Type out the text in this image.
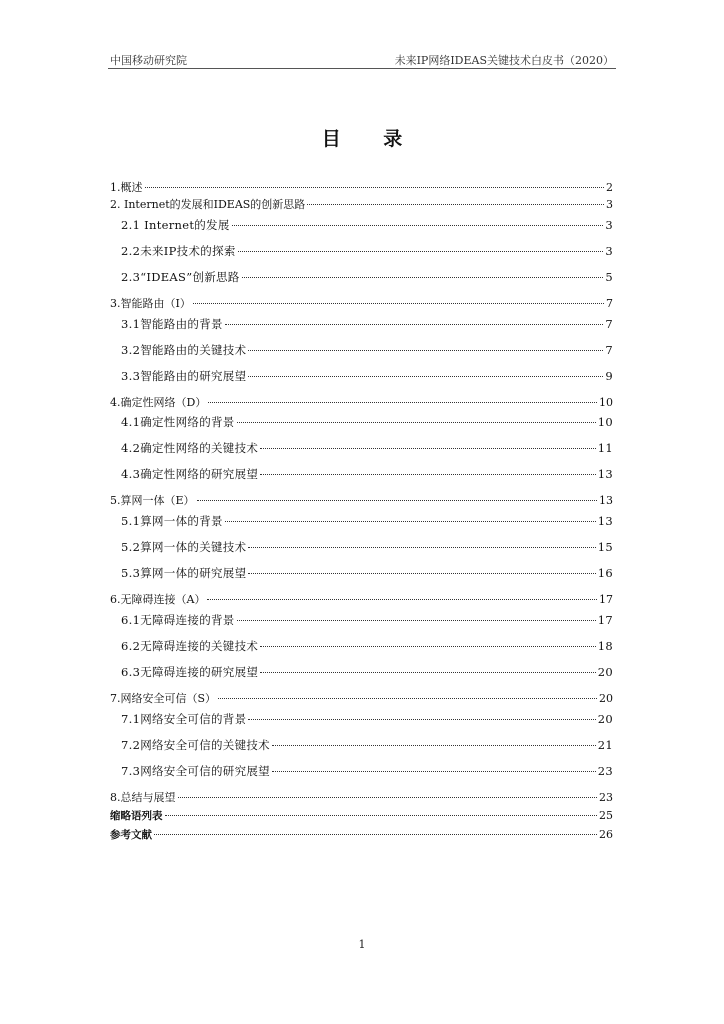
中国移动研究院	未来IP网络IDEAS关键技术白皮书（2020）
目 录
1.概述	2
2. Internet的发展和IDEAS的创新思路	3
2.1 Internet的发展	3
2.2未来IP技术的探索	3
2.3“IDEAS”创新思路	5
3.智能路由（I）	7
3.1智能路由的背景	7
3.2智能路由的关键技术	7
3.3智能路由的研究展望	9
4.确定性网络（D）	10
4.1确定性网络的背景	10
4.2确定性网络的关键技术	11
4.3确定性网络的研究展望	13
5.算网一体（E）	13
5.1算网一体的背景	13
5.2算网一体的关键技术	15
5.3算网一体的研究展望	16
6.无障碍连接（A）	17
6.1无障碍连接的背景	17
6.2无障碍连接的关键技术	18
6.3无障碍连接的研究展望	20
7.网络安全可信（S）	20
7.1网络安全可信的背景	20
7.2网络安全可信的关键技术	21
7.3网络安全可信的研究展望	23
8.总结与展望	23
缩略语列表	25
参考文献	26
1
